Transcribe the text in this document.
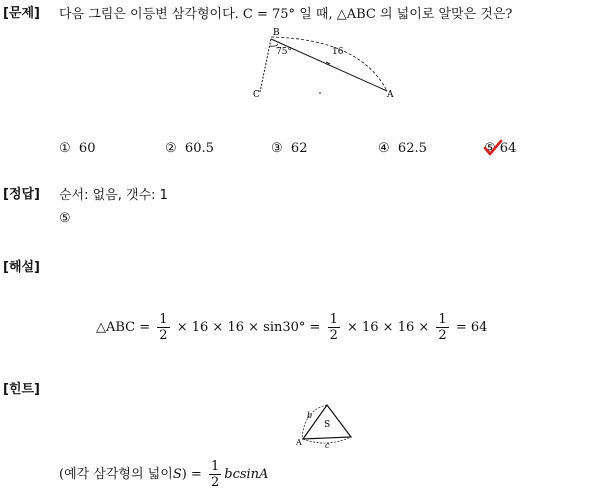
[문제]
[정답]
[해설]
[힌트]
다음 그림은 이등변 삼각형이다. C = 75° 일 때, △ABC 의 넓이로 알맞은 것은?
B
C	A
75°	16
① 60	② 60.5	③ 62	④ 62.5	⑤ 64
순서: 없음, 갯수: 1
⑤
△ABC = $\frac{1}{2} \times 16 \times 16 \times \sin 30^\circ = \frac{1}{2} \times 16 \times 16 \times \frac{1}{2} = 64$
b
S
A	c
(예각 삼각형의 넓이$S) = \frac{1}{2}$ bcsinA
